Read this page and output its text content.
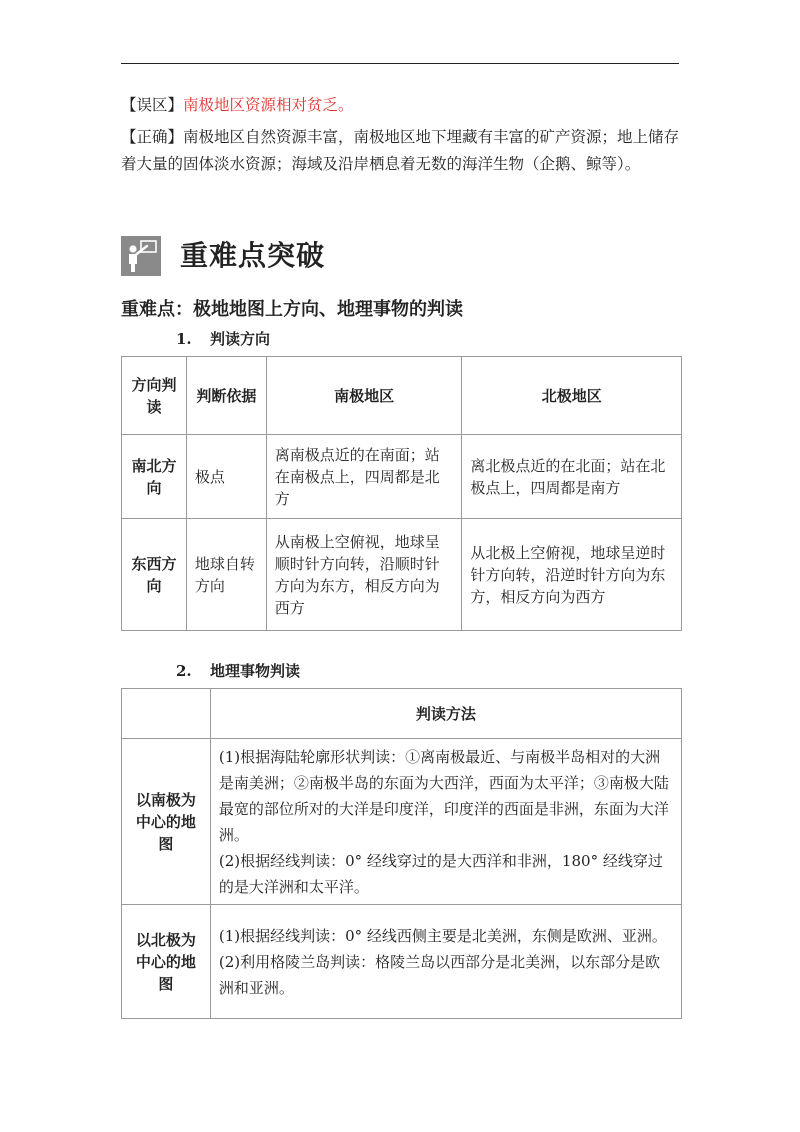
【误区】南极地区资源相对贫乏。
【正确】南极地区自然资源丰富，南极地区地下埋藏有丰富的矿产资源；地上储存着大量的固体淡水资源；海域及沿岸栖息着无数的海洋生物（企鹅、鲸等）。
重难点突破
重难点：极地地图上方向、地理事物的判读
1. 判读方向
方向判读	判断依据	南极地区	北极地区
南北方向	极点	离南极点近的在南面；站在南极点上，四周都是北方	离北极点近的在北面；站在北极点上，四周都是南方
东西方向	地球自转方向	从南极上空俯视，地球呈顺时针方向转，沿顺时针方向为东方，相反方向为西方	从北极上空俯视，地球呈逆时针方向转，沿逆时针方向为东方，相反方向为西方
2. 地理事物判读
	判读方法
以南极为中心的地图	(1)根据海陆轮廓形状判读：①离南极最近、与南极半岛相对的大洲是南美洲；②南极半岛的东面为大西洋，西面为太平洋；③南极大陆最宽的部位所对的大洋是印度洋，印度洋的西面是非洲，东面为大洋洲。
(2)根据经线判读：0° 经线穿过的是大西洋和非洲，180° 经线穿过的是大洋洲和太平洋。

以北极为中心的地图	(1)根据经线判读：0° 经线西侧主要是北美洲，东侧是欧洲、亚洲。
(2)利用格陵兰岛判读：格陵兰岛以西部分是北美洲，以东部分是欧洲和亚洲。
